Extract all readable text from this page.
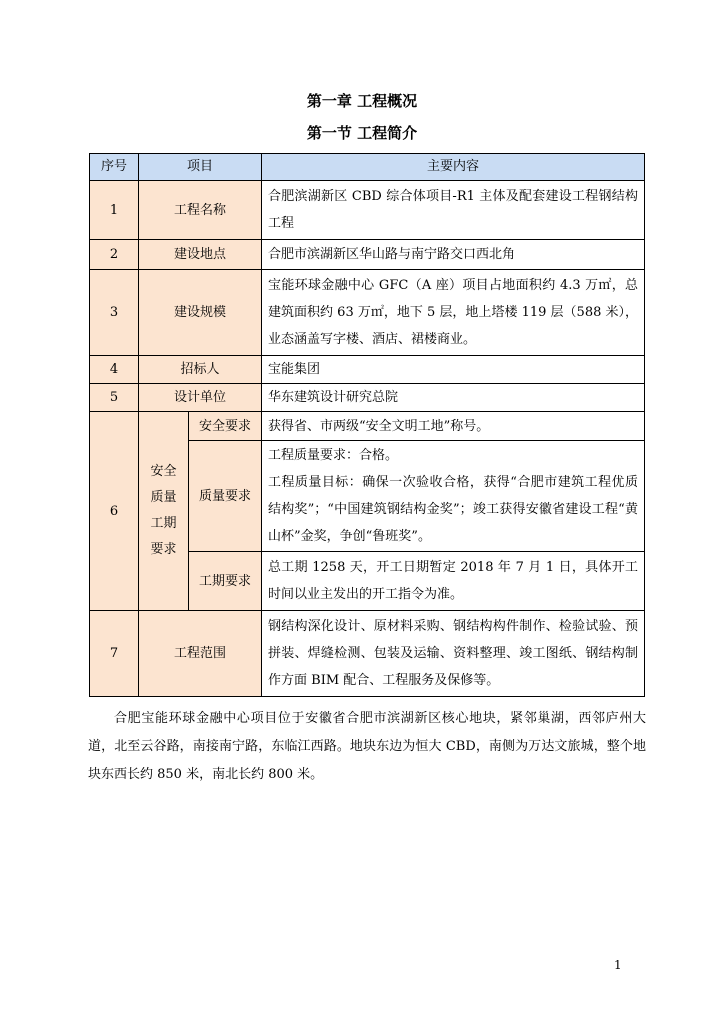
第一章 工程概况
第一节 工程简介
序号	项目		主要内容
1	工程名称		合肥滨湖新区 CBD 综合体项目-R1 主体及配套建设工程钢结构工程
2	建设地点		合肥市滨湖新区华山路与南宁路交口西北角
3	建设规模		宝能环球金融中心 GFC（A 座）项目占地面积约 4.3 万㎡，总建筑面积约 63 万㎡，地下 5 层，地上塔楼 119 层（588 米），业态涵盖写字楼、酒店、裙楼商业。
4	招标人		宝能集团
5	设计单位		华东建筑设计研究总院
6	安全质量工期要求	安全要求	获得省、市两级“安全文明工地”称号。
		质量要求	工程质量要求：合格。
工程质量目标：确保一次验收合格，获得“合肥市建筑工程优质结构奖”；“中国建筑钢结构金奖”；竣工获得安徽省建设工程“黄山杯”金奖，争创“鲁班奖”。

		工期要求	总工期 1258 天，开工日期暂定 2018 年 7 月 1 日，具体开工时间以业主发出的开工指令为准。
7	工程范围		钢结构深化设计、原材料采购、钢结构构件制作、检验试验、预拼装、焊缝检测、包装及运输、资料整理、竣工图纸、钢结构制作方面 BIM 配合、工程服务及保修等。

合肥宝能环球金融中心项目位于安徽省合肥市滨湖新区核心地块，紧邻巢湖，西邻庐州大道，北至云谷路，南接南宁路，东临江西路。地块东边为恒大 CBD，南侧为万达文旅城，整个地块东西长约 850 米，南北长约 800 米。

1
